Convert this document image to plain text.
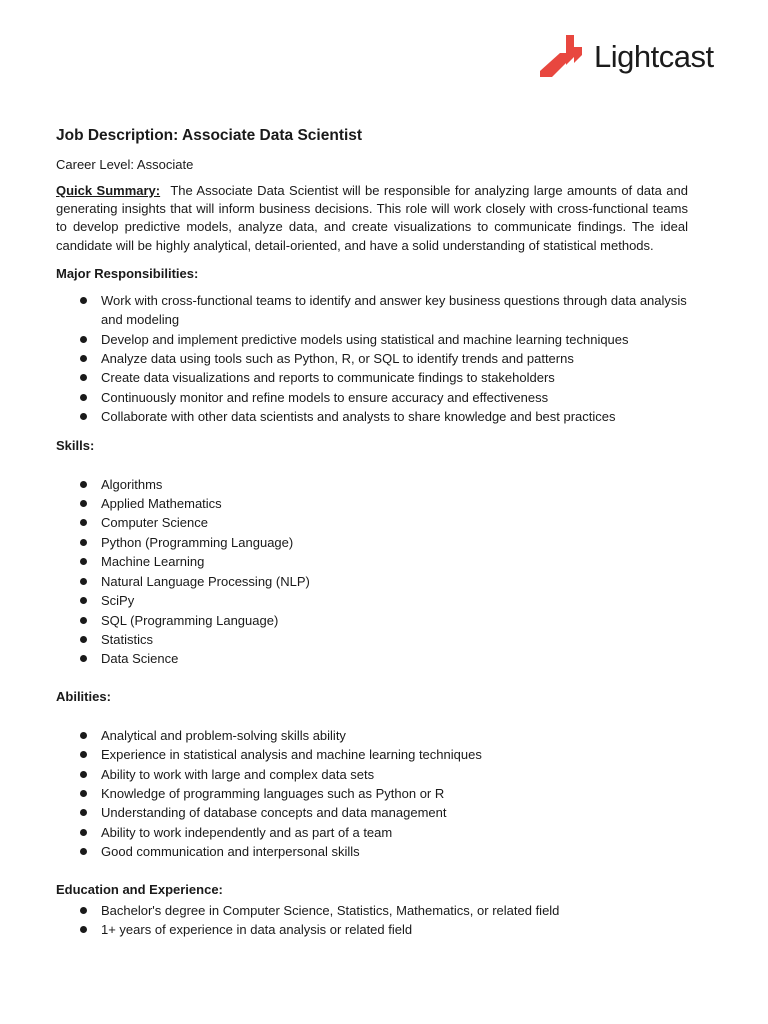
Lightcast
Job Description: Associate Data Scientist
Career Level: Associate
Quick Summary: The Associate Data Scientist will be responsible for analyzing large amounts of data and generating insights that will inform business decisions. This role will work closely with cross-functional teams to develop predictive models, analyze data, and create visualizations to communicate findings. The ideal candidate will be highly analytical, detail-oriented, and have a solid understanding of statistical methods.
Major Responsibilities:
Work with cross-functional teams to identify and answer key business questions through data analysis and modeling
Develop and implement predictive models using statistical and machine learning techniques
Analyze data using tools such as Python, R, or SQL to identify trends and patterns
Create data visualizations and reports to communicate findings to stakeholders
Continuously monitor and refine models to ensure accuracy and effectiveness
Collaborate with other data scientists and analysts to share knowledge and best practices
Skills:
Algorithms
Applied Mathematics
Computer Science
Python (Programming Language)
Machine Learning
Natural Language Processing (NLP)
SciPy
SQL (Programming Language)
Statistics
Data Science
Abilities:
Analytical and problem-solving skills ability
Experience in statistical analysis and machine learning techniques
Ability to work with large and complex data sets
Knowledge of programming languages such as Python or R
Understanding of database concepts and data management
Ability to work independently and as part of a team
Good communication and interpersonal skills
Education and Experience:
Bachelor's degree in Computer Science, Statistics, Mathematics, or related field
1+ years of experience in data analysis or related field
